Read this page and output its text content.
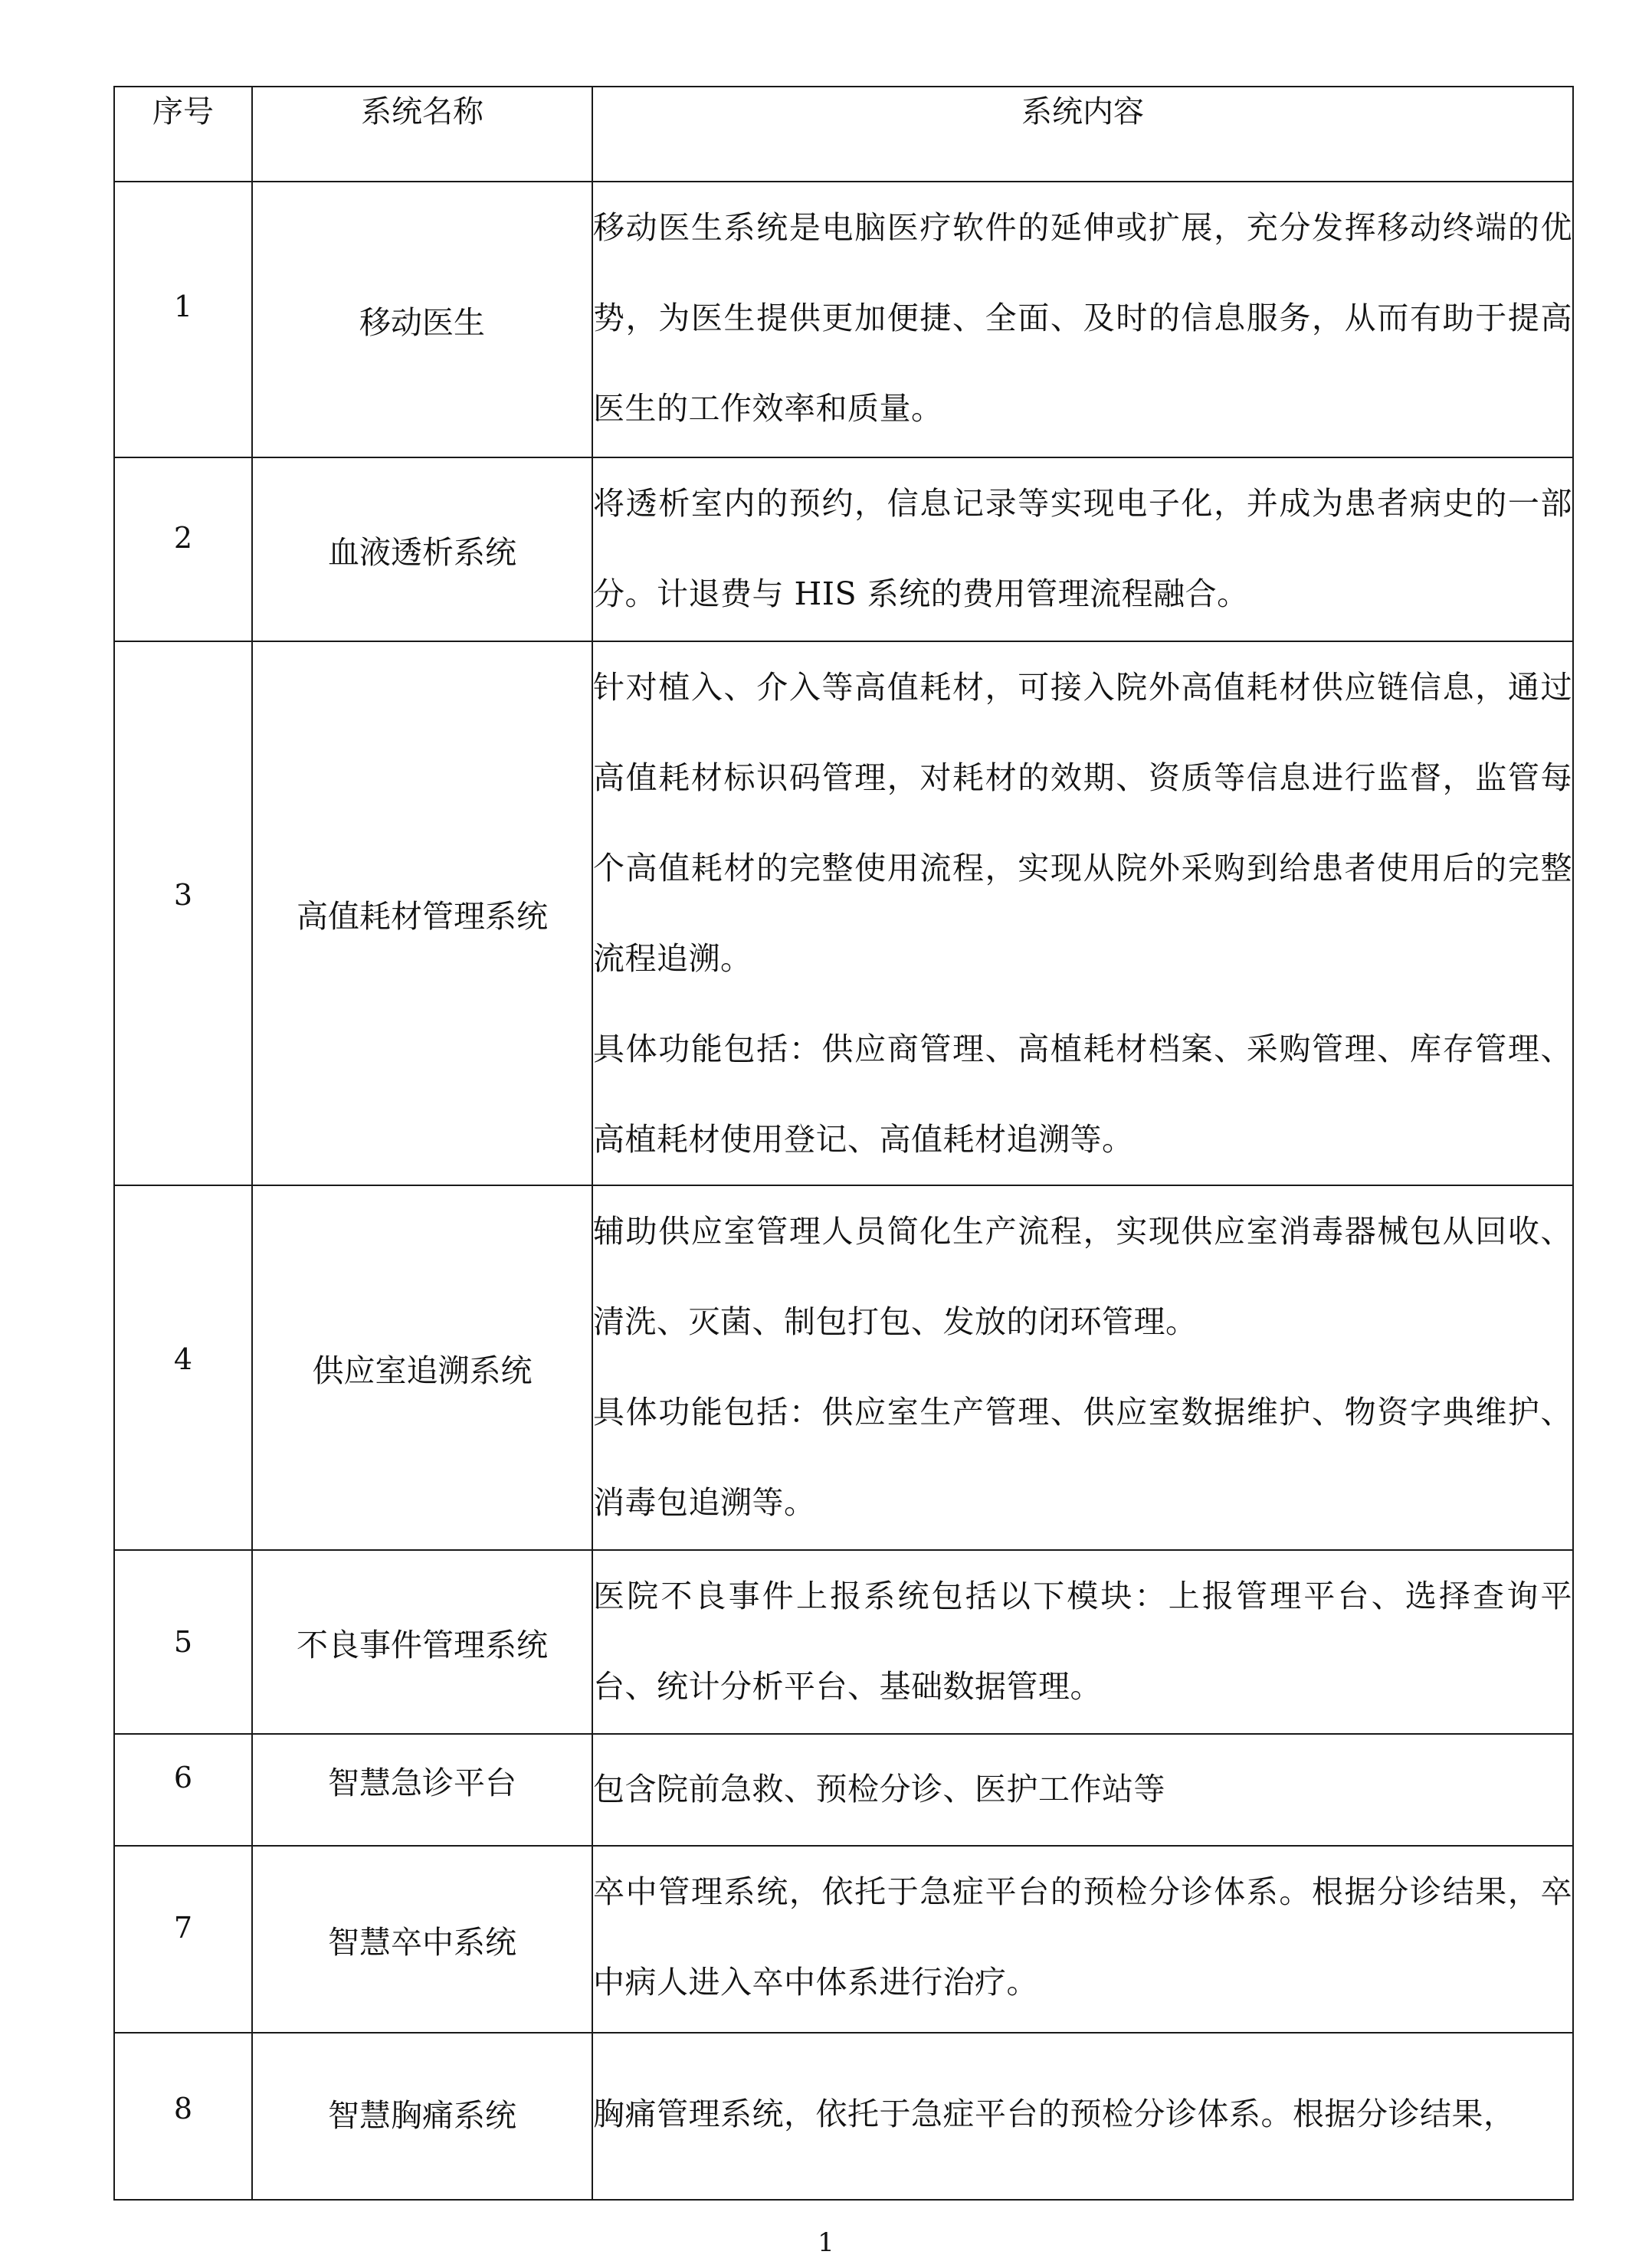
序号	系统名称	系统内容
1	移动医生	移动医生系统是电脑医疗软件的延伸或扩展，充分发挥移动终端的优势，为医生提供更加便捷、全面、及时的信息服务，从而有助于提高医生的工作效率和质量。

2	血液透析系统	将透析室内的预约，信息记录等实现电子化，并成为患者病史的一部分。计退费与 HIS 系统的费用管理流程融合。

3	高值耗材管理系统	针对植入、介入等高值耗材，可接入院外高值耗材供应链信息，通过高值耗材标识码管理，对耗材的效期、资质等信息进行监督，监管每个高值耗材的完整使用流程，实现从院外采购到给患者使用后的完整流程追溯。
具体功能包括：供应商管理、高植耗材档案、采购管理、库存管理、高植耗材使用登记、高值耗材追溯等。

4	供应室追溯系统	辅助供应室管理人员简化生产流程，实现供应室消毒器械包从回收、清洗、灭菌、制包打包、发放的闭环管理。
具体功能包括：供应室生产管理、供应室数据维护、物资字典维护、消毒包追溯等。

5	不良事件管理系统	医院不良事件上报系统包括以下模块：上报管理平台、选择查询平台、统计分析平台、基础数据管理。

6	智慧急诊平台	包含院前急救、预检分诊、医护工作站等

7	智慧卒中系统	卒中管理系统，依托于急症平台的预检分诊体系。根据分诊结果，卒中病人进入卒中体系进行治疗。

8	智慧胸痛系统	胸痛管理系统，依托于急症平台的预检分诊体系。根据分诊结果，
1
